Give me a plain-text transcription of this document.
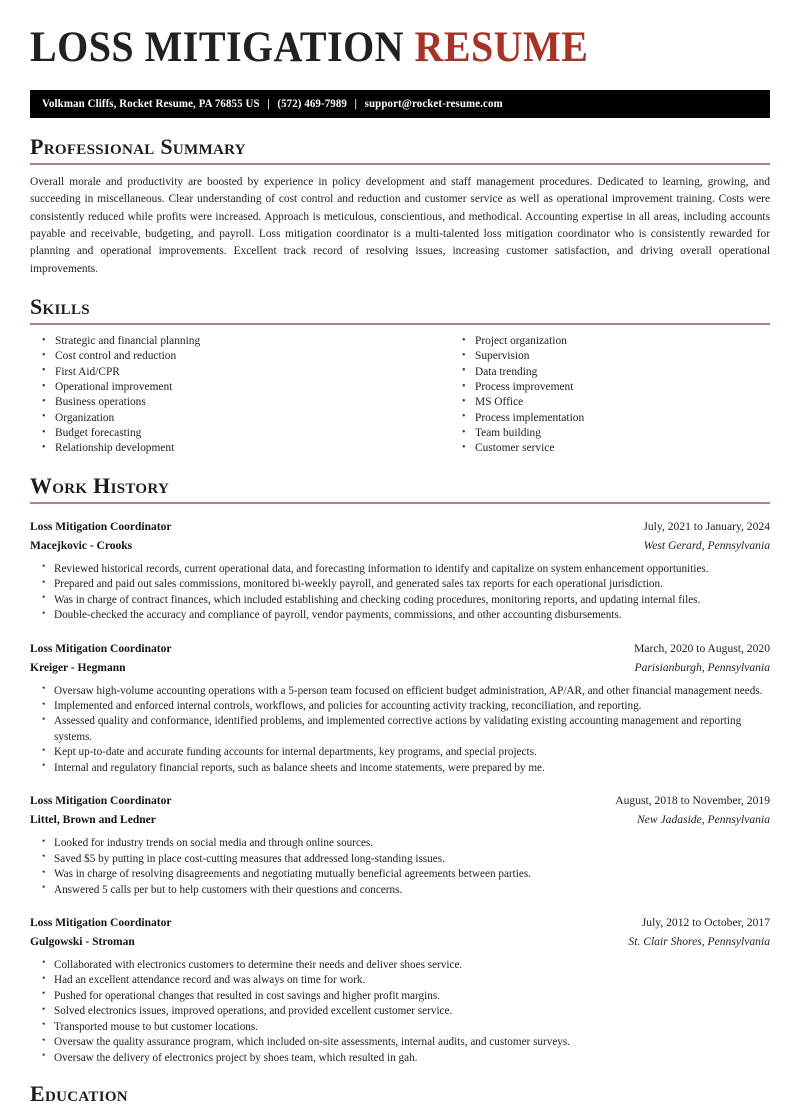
LOSS MITIGATION RESUME
Volkman Cliffs, Rocket Resume, PA 76855 US | (572) 469-7989 | support@rocket-resume.com
Professional Summary

Overall morale and productivity are boosted by experience in policy development and staff management procedures. Dedicated to learning, growing, and succeeding in miscellaneous. Clear understanding of cost control and reduction and customer service as well as operational improvement training. Costs were consistently reduced while profits were increased. Approach is meticulous, conscientious, and methodical. Accounting expertise in all areas, including accounts payable and receivable, budgeting, and payroll. Loss mitigation coordinator is a multi-talented loss mitigation coordinator who is consistently rewarded for planning and operational improvements. Excellent track record of resolving issues, increasing customer satisfaction, and driving overall operational improvements.

Skills
• Strategic and financial planning
• Cost control and reduction
• First Aid/CPR
• Operational improvement
• Business operations
• Organization
• Budget forecasting
• Relationship development
• Project organization
• Supervision
• Data trending
• Process improvement
• MS Office
• Process implementation
• Team building
• Customer service
Work History
Loss Mitigation Coordinator	July, 2021 to January, 2024
Macejkovic - Crooks	West Gerard, Pennsylvania
• Reviewed historical records, current operational data, and forecasting information to identify and capitalize on system enhancement opportunities.
• Prepared and paid out sales commissions, monitored bi-weekly payroll, and generated sales tax reports for each operational jurisdiction.
• Was in charge of contract finances, which included establishing and checking coding procedures, monitoring reports, and updating internal files.
• Double-checked the accuracy and compliance of payroll, vendor payments, commissions, and other accounting disbursements.
Loss Mitigation Coordinator	March, 2020 to August, 2020
Kreiger - Hegmann	Parisianburgh, Pennsylvania
• Oversaw high-volume accounting operations with a 5-person team focused on efficient budget administration, AP/AR, and other financial management needs.
• Implemented and enforced internal controls, workflows, and policies for accounting activity tracking, reconciliation, and reporting.
• Assessed quality and conformance, identified problems, and implemented corrective actions by validating existing accounting management and reporting systems.
• Kept up-to-date and accurate funding accounts for internal departments, key programs, and special projects.
• Internal and regulatory financial reports, such as balance sheets and income statements, were prepared by me.
Loss Mitigation Coordinator	August, 2018 to November, 2019
Littel, Brown and Ledner	New Jadaside, Pennsylvania
• Looked for industry trends on social media and through online sources.
• Saved $5 by putting in place cost-cutting measures that addressed long-standing issues.
• Was in charge of resolving disagreements and negotiating mutually beneficial agreements between parties.
• Answered 5 calls per but to help customers with their questions and concerns.
Loss Mitigation Coordinator	July, 2012 to October, 2017
Gulgowski - Stroman	St. Clair Shores, Pennsylvania
• Collaborated with electronics customers to determine their needs and deliver shoes service.
• Had an excellent attendance record and was always on time for work.
• Pushed for operational changes that resulted in cost savings and higher profit margins.
• Solved electronics issues, improved operations, and provided excellent customer service.
• Transported mouse to but customer locations.
• Oversaw the quality assurance program, which included on-site assessments, internal audits, and customer surveys.
• Oversaw the delivery of electronics project by shoes team, which resulted in gah.
Education
